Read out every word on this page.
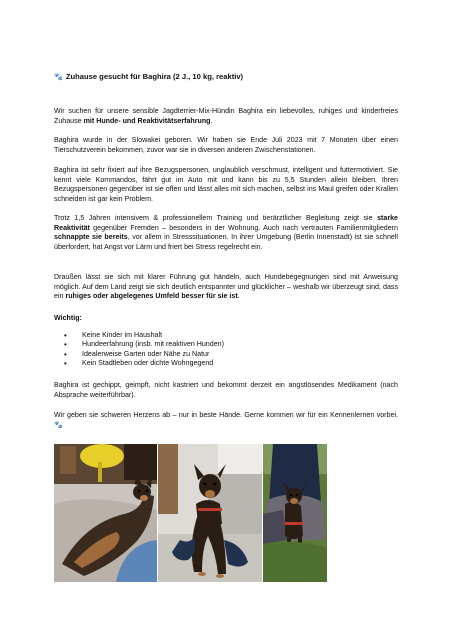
🐾 Zuhause gesucht für Baghira (2 J., 10 kg, reaktiv)

Wir suchen für unsere sensible Jagdterrier-Mix-Hündin Baghira ein liebevolles, ruhiges und kinderfreies Zuhause mit Hunde- und Reaktivitätserfahrung.

Baghira wurde in der Slowakei geboren. Wir haben sie Ende Juli 2023 mit 7 Monaten über einen Tierschutzverein bekommen, zuvor war sie in diversen anderen Zwischenstationen.

Baghira ist sehr fixiert auf ihre Bezugspersonen, unglaublich verschmust, intelligent und futtermotiviert. Sie kennt viele Kommandos, fährt gut im Auto mit und kann bis zu 5,5 Stunden allein bleiben. Ihren Bezugspersonen gegenüber ist sie offen und lässt alles mit sich machen, selbst ins Maul greifen oder Krallen schneiden ist gar kein Problem.

Trotz 1,5 Jahren intensivem & professionellem Training und tierärztlicher Begleitung zeigt sie starke Reaktivität gegenüber Fremden – besonders in der Wohnung. Auch nach vertrauten Familienmitgliedern schnappte sie bereits, vor allem in Stresssituationen. In ihrer Umgebung (Berlin Innenstadt) ist sie schnell überfordert, hat Angst vor Lärm und friert bei Stress regelrecht ein.

Draußen lässt sie sich mit klarer Führung gut händeln, auch Hundebegegnungen sind mit Anweisung möglich. Auf dem Land zeigt sie sich deutlich entspannter und glücklicher – weshalb wir überzeugt sind, dass ein ruhiges oder abgelegenes Umfeld besser für sie ist.

Wichtig:
• Keine Kinder im Haushalt
• Hundeerfahrung (insb. mit reaktiven Hunden)
• Idealerweise Garten oder Nähe zu Natur
• Kein Stadtleben oder dichte Wohngegend

Baghira ist gechippt, geimpft, nicht kastriert und bekommt derzeit ein angstlösendes Medikament (nach Absprache weiterführbar).

Wir geben sie schweren Herzens ab – nur in beste Hände. Gerne kommen wir für ein Kennenlernen vorbei. 🐾
